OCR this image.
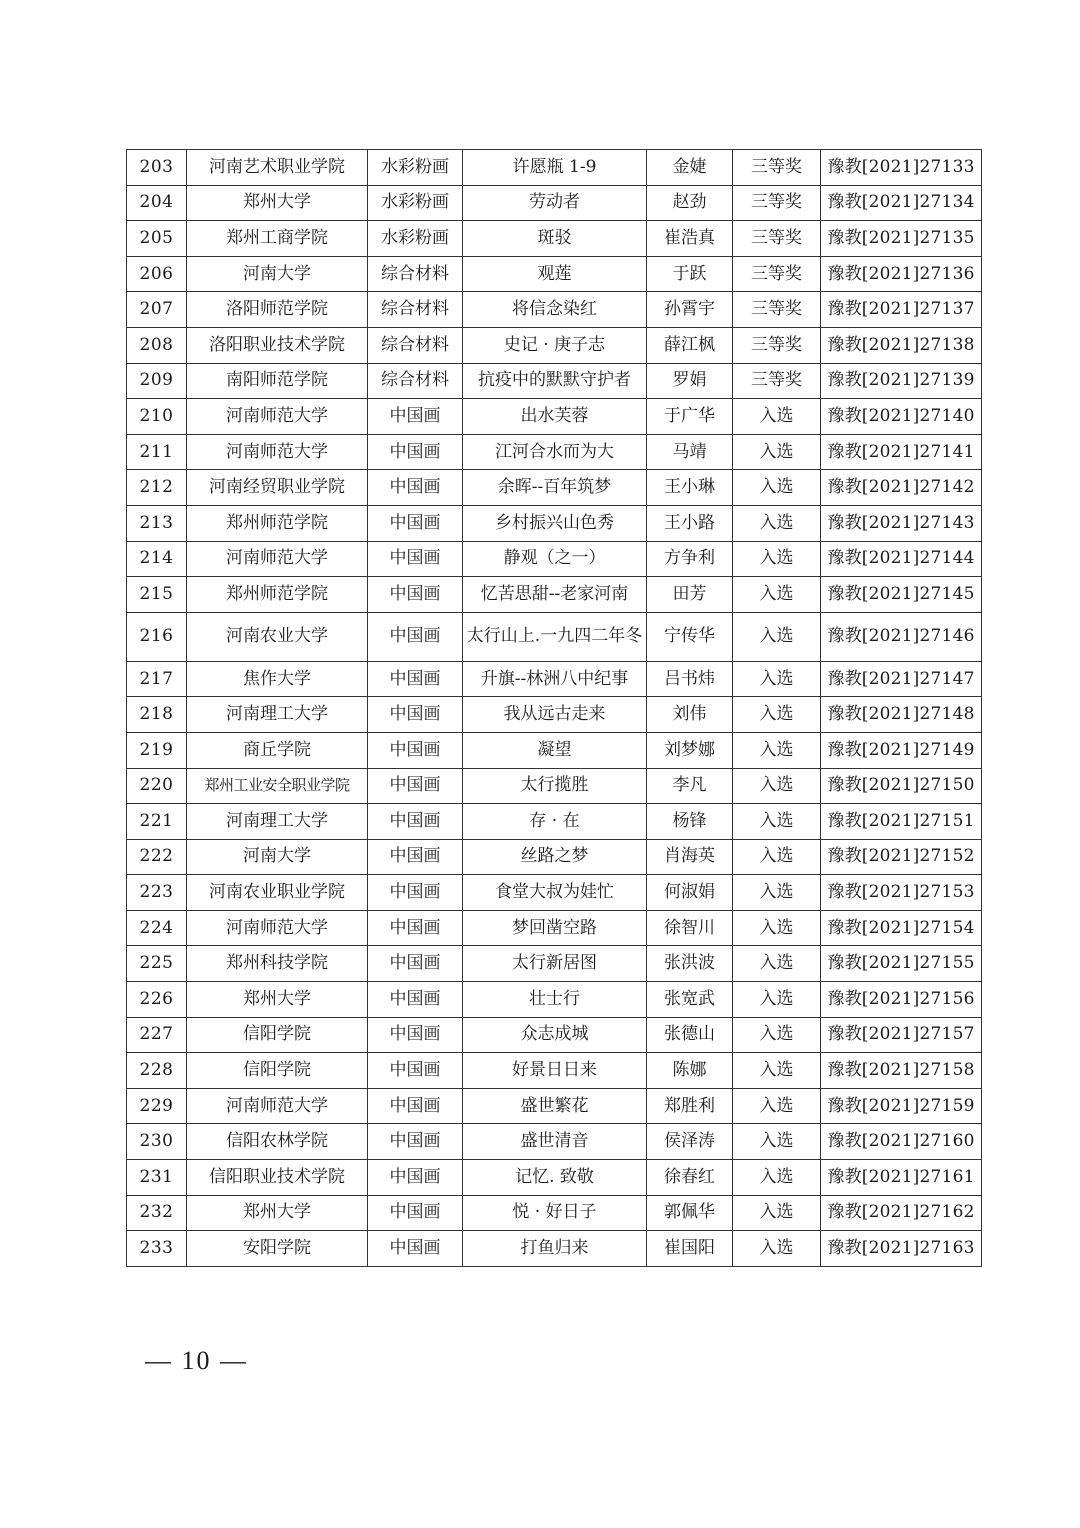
203	河南艺术职业学院	水彩粉画	许愿瓶 1-9	金婕	三等奖	豫教[2021]27133
204	郑州大学	水彩粉画	劳动者	赵劲	三等奖	豫教[2021]27134
205	郑州工商学院	水彩粉画	斑驳	崔浩真	三等奖	豫教[2021]27135
206	河南大学	综合材料	观莲	于跃	三等奖	豫教[2021]27136
207	洛阳师范学院	综合材料	将信念染红	孙霄宇	三等奖	豫教[2021]27137
208	洛阳职业技术学院	综合材料	史记 · 庚子志	薛江枫	三等奖	豫教[2021]27138
209	南阳师范学院	综合材料	抗疫中的默默守护者	罗娟	三等奖	豫教[2021]27139
210	河南师范大学	中国画	出水芙蓉	于广华	入选	豫教[2021]27140
211	河南师范大学	中国画	江河合水而为大	马靖	入选	豫教[2021]27141
212	河南经贸职业学院	中国画	余晖--百年筑梦	王小琳	入选	豫教[2021]27142
213	郑州师范学院	中国画	乡村振兴山色秀	王小路	入选	豫教[2021]27143
214	河南师范大学	中国画	静观（之一）	方争利	入选	豫教[2021]27144
215	郑州师范学院	中国画	忆苦思甜--老家河南	田芳	入选	豫教[2021]27145
216	河南农业大学	中国画	太行山上.一九四二年冬	宁传华	入选	豫教[2021]27146
217	焦作大学	中国画	升旗--林洲八中纪事	吕书炜	入选	豫教[2021]27147
218	河南理工大学	中国画	我从远古走来	刘伟	入选	豫教[2021]27148
219	商丘学院	中国画	凝望	刘梦娜	入选	豫教[2021]27149
220	郑州工业安全职业学院	中国画	太行揽胜	李凡	入选	豫教[2021]27150
221	河南理工大学	中国画	存 · 在	杨锋	入选	豫教[2021]27151
222	河南大学	中国画	丝路之梦	肖海英	入选	豫教[2021]27152
223	河南农业职业学院	中国画	食堂大叔为娃忙	何淑娟	入选	豫教[2021]27153
224	河南师范大学	中国画	梦回凿空路	徐智川	入选	豫教[2021]27154
225	郑州科技学院	中国画	太行新居图	张洪波	入选	豫教[2021]27155
226	郑州大学	中国画	壮士行	张宽武	入选	豫教[2021]27156
227	信阳学院	中国画	众志成城	张德山	入选	豫教[2021]27157
228	信阳学院	中国画	好景日日来	陈娜	入选	豫教[2021]27158
229	河南师范大学	中国画	盛世繁花	郑胜利	入选	豫教[2021]27159
230	信阳农林学院	中国画	盛世清音	侯泽涛	入选	豫教[2021]27160
231	信阳职业技术学院	中国画	记忆. 致敬	徐春红	入选	豫教[2021]27161
232	郑州大学	中国画	悦 · 好日子	郭佩华	入选	豫教[2021]27162
233	安阳学院	中国画	打鱼归来	崔国阳	入选	豫教[2021]27163
— 10 —
